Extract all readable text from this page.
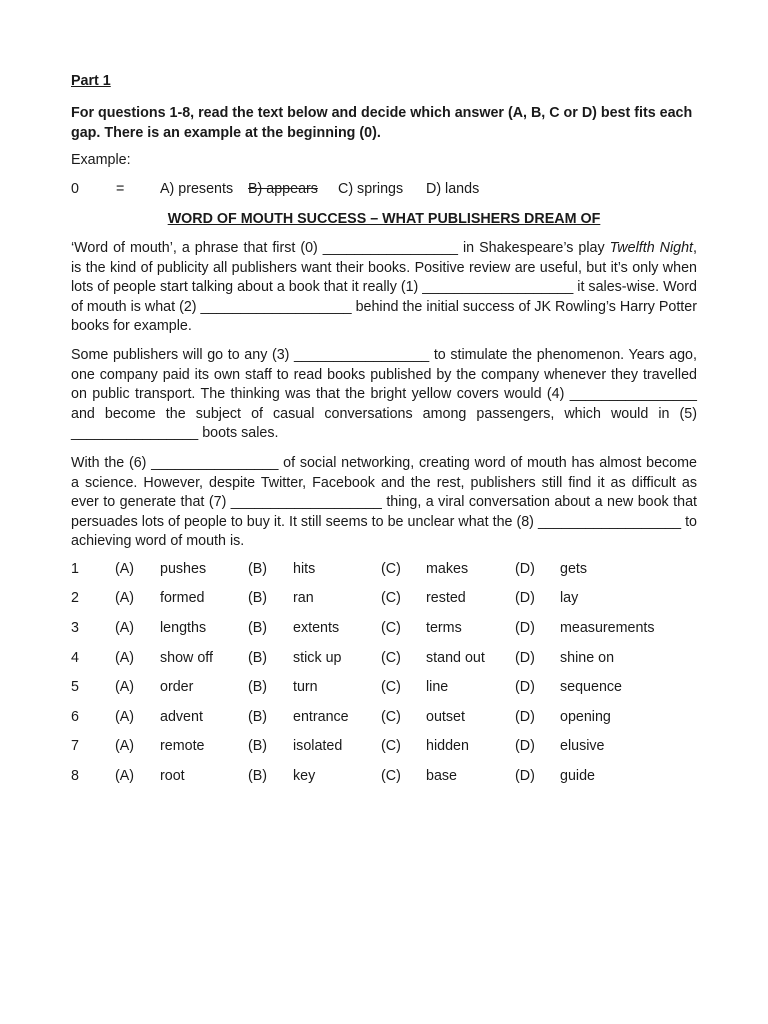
Part 1
For questions 1-8, read the text below and decide which answer (A, B, C or D) best fits each gap. There is an example at the beginning (0).
Example:
0	= A) presents B) appears C) springs D) lands
WORD OF MOUTH SUCCESS – WHAT PUBLISHERS DREAM OF
‘Word of mouth’, a phrase that first (0) _________________ in Shakespeare’s play Twelfth Night, is the kind of publicity all publishers want their books. Positive review are useful, but it’s only when lots of people start talking about a book that it really (1) ___________________ it sales-wise. Word of mouth is what (2) ___________________ behind the initial success of JK Rowling’s Harry Potter books for example.
Some publishers will go to any (3) _________________ to stimulate the phenomenon. Years ago, one company paid its own staff to read books published by the company whenever they travelled on public transport. The thinking was that the bright yellow covers would (4) ________________ and become the subject of casual conversations among passengers, which would in (5) ________________ boots sales.
With the (6) ________________ of social networking, creating word of mouth has almost become a science. However, despite Twitter, Facebook and the rest, publishers still find it as difficult as ever to generate that (7) ___________________ thing, a viral conversation about a new book that persuades lots of people to buy it. It still seems to be unclear what the (8) __________________ to achieving word of mouth is.
1	(A) pushes	(B) hits	(C) makes	(D) gets
2	(A) formed	(B) ran	(C) rested	(D) lay
3	(A) lengths	(B) extents	(C) terms	(D) measurements
4	(A) show off (B) stick up	(C) stand out (D) shine on
5	(A) order	(B) turn	(C) line	(D) sequence
6	(A) advent	(B) entrance (C) outset	(D) opening
7	(A) remote	(B) isolated	(C) hidden	(D) elusive
8	(A) root	(B) key	(C) base	(D) guide
